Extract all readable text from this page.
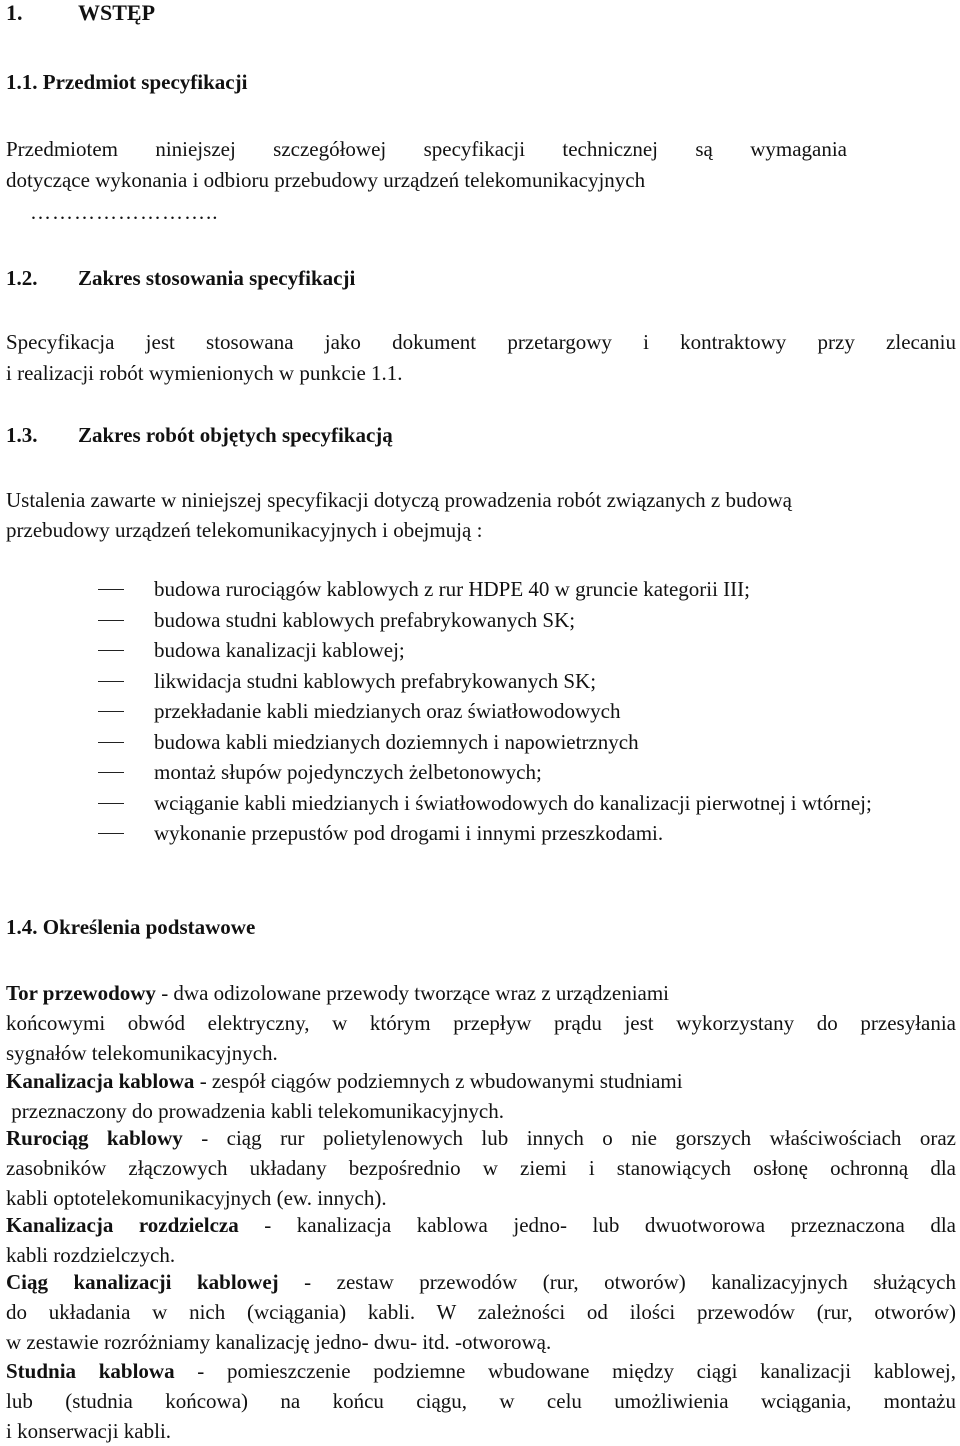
1.	WSTĘP
1.1. Przedmiot specyfikacji
Przedmiotem niniejszej szczegółowej specyfikacji technicznej są wymagania
dotyczące wykonania i odbioru przebudowy urządzeń telekomunikacyjnych
……………………..
1.2. Zakres stosowania specyfikacji
Specyfikacja jest stosowana jako dokument przetargowy i kontraktowy przy zlecaniu
i realizacji robót wymienionych w punkcie 1.1.
1.3. Zakres robót objętych specyfikacją
Ustalenia zawarte w niniejszej specyfikacji dotyczą prowadzenia robót związanych z budową
przebudowy urządzeń telekomunikacyjnych i obejmują :
budowa rurociągów kablowych z rur HDPE 40 w gruncie kategorii III;
budowa studni kablowych prefabrykowanych SK;
budowa kanalizacji kablowej;
likwidacja studni kablowych prefabrykowanych SK;
przekładanie kabli miedzianych oraz światłowodowych
budowa kabli miedzianych doziemnych i napowietrznych
montaż słupów pojedynczych żelbetonowych;
wciąganie kabli miedzianych i światłowodowych do kanalizacji pierwotnej i wtórnej;
wykonanie przepustów pod drogami i innymi przeszkodami.
1.4. Określenia podstawowe
Tor przewodowy - dwa odizolowane przewody tworzące wraz z urządzeniami
końcowymi obwód elektryczny, w którym przepływ prądu jest wykorzystany do przesyłania
sygnałów telekomunikacyjnych.
Kanalizacja kablowa - zespół ciągów podziemnych z wbudowanymi studniami
przeznaczony do prowadzenia kabli telekomunikacyjnych.
Rurociąg kablowy - ciąg rur polietylenowych lub innych o nie gorszych właściwościach oraz
zasobników złączowych układany bezpośrednio w ziemi i stanowiących osłonę ochronną dla
kabli optotelekomunikacyjnych (ew. innych).
Kanalizacja rozdzielcza - kanalizacja kablowa jedno- lub dwuotworowa przeznaczona dla
kabli rozdzielczych.
Ciąg kanalizacji kablowej - zestaw przewodów (rur, otworów) kanalizacyjnych służących
do układania w nich (wciągania) kabli. W zależności od ilości przewodów (rur, otworów)
w zestawie rozróżniamy kanalizację jedno- dwu- itd. -otworową.
Studnia kablowa - pomieszczenie podziemne wbudowane między ciągi kanalizacji kablowej,
lub (studnia końcowa) na końcu ciągu, w celu umożliwienia wciągania, montażu
i konserwacji kabli.
